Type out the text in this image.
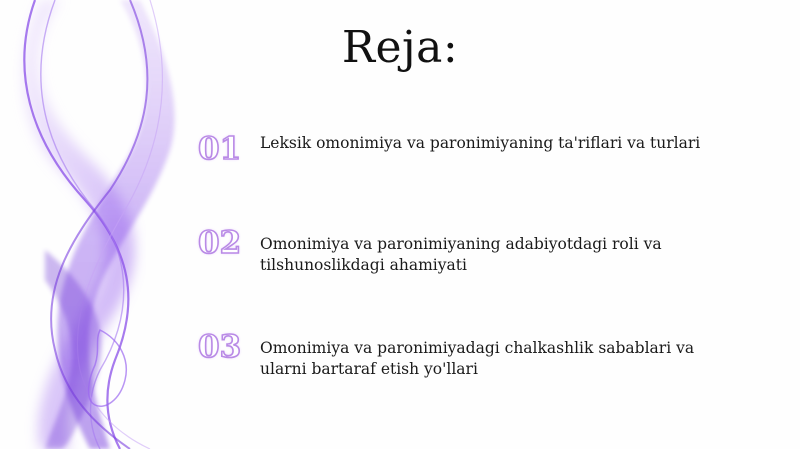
Reja:
01	Leksik omonimiya va paronimiyaning ta'riflari va turlari
02	Omonimiya va paronimiyaning adabiyotdagi roli va tilshunoslikdagi ahamiyati
03	Omonimiya va paronimiyadagi chalkashlik sabablari va ularni bartaraf etish yo'llari
